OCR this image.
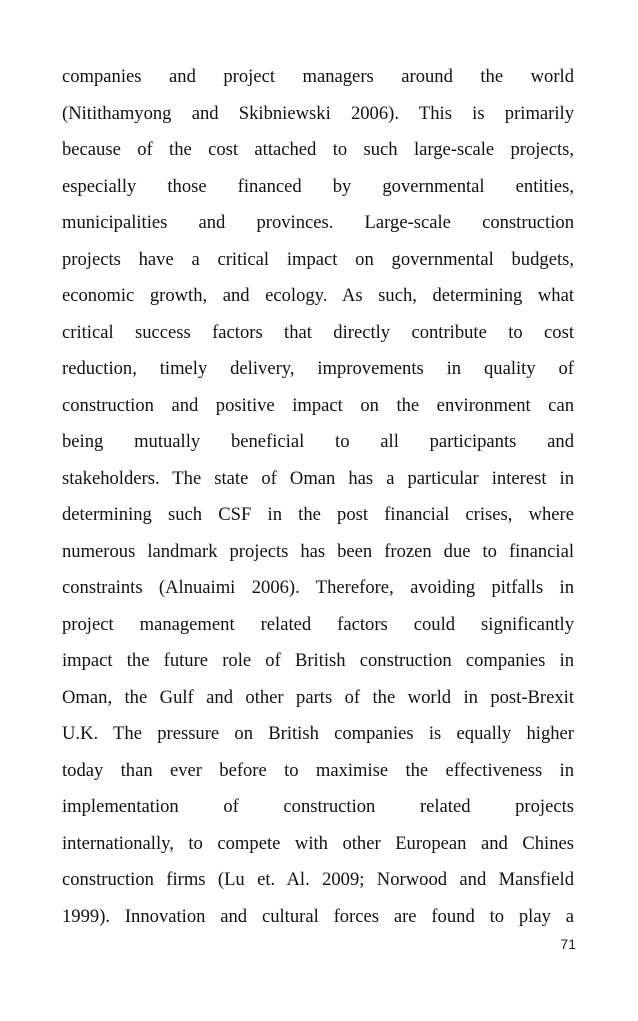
companies and project managers around the world
(Nitithamyong and Skibniewski 2006). This is primarily
because of the cost attached to such large-scale projects,
especially those financed by governmental entities,
municipalities and provinces. Large-scale construction
projects have a critical impact on governmental budgets,
economic growth, and ecology. As such, determining what
critical success factors that directly contribute to cost
reduction, timely delivery, improvements in quality of
construction and positive impact on the environment can
being mutually beneficial to all participants and
stakeholders. The state of Oman has a particular interest in
determining such CSF in the post financial crises, where
numerous landmark projects has been frozen due to financial
constraints (Alnuaimi 2006). Therefore, avoiding pitfalls in
project management related factors could significantly
impact the future role of British construction companies in
Oman, the Gulf and other parts of the world in post-Brexit
U.K. The pressure on British companies is equally higher
today than ever before to maximise the effectiveness in
implementation of construction related projects
internationally, to compete with other European and Chines
construction firms (Lu et. Al. 2009; Norwood and Mansfield
1999). Innovation and cultural forces are found to play a
71
